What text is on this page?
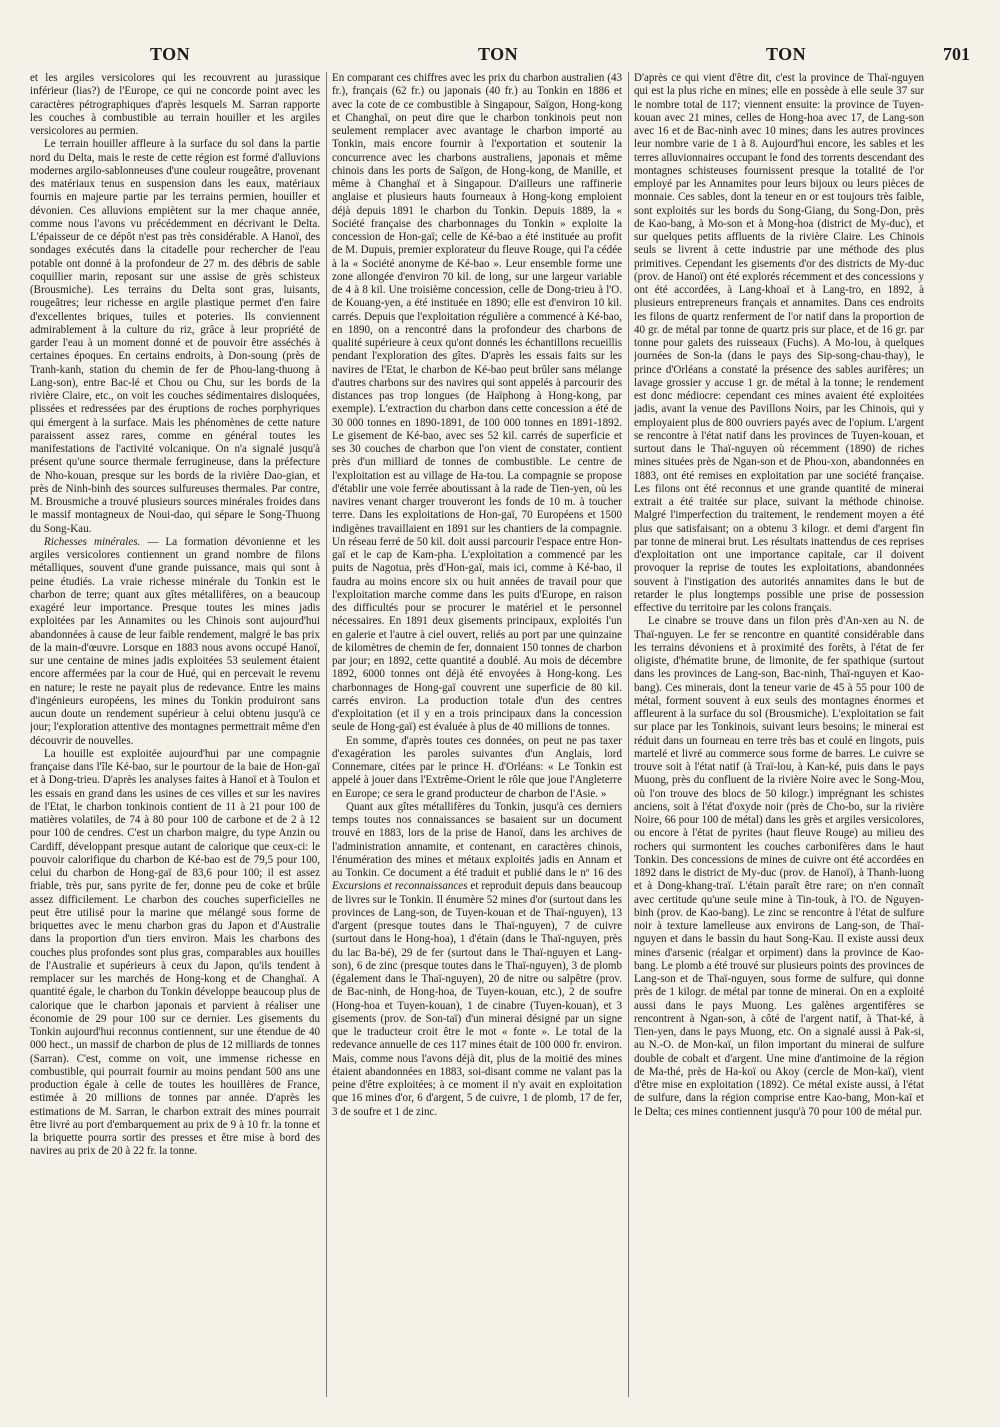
TON	TON	TON	701

et les argiles versicolores qui les recouvrent au jurassique inférieur (lias?) de l'Europe, ce qui ne concorde point avec les caractères pétrographiques d'après lesquels M. Sarran rapporte les couches à combustible au terrain houiller et les argiles versicolores au permien.

Le terrain houiller affleure à la surface du sol dans la partie nord du Delta, mais le reste de cette région est formé d'alluvions modernes argilo-sablonneuses d'une couleur rougeâtre, provenant des matériaux tenus en suspension dans les eaux, matériaux fournis en majeure partie par les terrains permien, houiller et dévonien. Ces alluvions empiètent sur la mer chaque année, comme nous l'avons vu précédemment en décrivant le Delta. L'épaisseur de ce dépôt n'est pas très considérable. A Hanoï, des sondages exécutés dans la citadelle pour rechercher de l'eau potable ont donné à la profondeur de 27 m. des débris de sable coquillier marin, reposant sur une assise de grès schisteux (Brousmiche). Les terrains du Delta sont gras, luisants, rougeâtres; leur richesse en argile plastique permet d'en faire d'excellentes briques, tuiles et poteries. Ils conviennent admirablement à la culture du riz, grâce à leur propriété de garder l'eau à un moment donné et de pouvoir être asséchés à certaines époques. En certains endroits, à Don-soung (près de Tranh-kanh, station du chemin de fer de Phou-lang-thuong à Lang-son), entre Bac-lé et Chou ou Chu, sur les bords de la rivière Claire, etc., on voit les couches sédimentaires disloquées, plissées et redressées par des éruptions de roches porphyriques qui émergent à la surface. Mais les phénomènes de cette nature paraissent assez rares, comme en général toutes les manifestations de l'activité volcanique. On n'a signalé jusqu'à présent qu'une source thermale ferrugineuse, dans la préfecture de Nho-kouan, presque sur les bords de la rivière Dao-gian, et près de Ninh-binh des sources sulfureuses thermales. Par contre, M. Brousmiche a trouvé plusieurs sources minérales froides dans le massif montagneux de Noui-dao, qui sépare le Song-Thuong du Song-Kau.

Richesses minérales. — La formation dévonienne et les argiles versicolores contiennent un grand nombre de filons métalliques, souvent d'une grande puissance, mais qui sont à peine étudiés. La vraie richesse minérale du Tonkin est le charbon de terre; quant aux gîtes métallifères, on a beaucoup exagéré leur importance. Presque toutes les mines jadis exploitées par les Annamites ou les Chinois sont aujourd'hui abandonnées à cause de leur faible rendement, malgré le bas prix de la main-d'œuvre. Lorsque en 1883 nous avons occupé Hanoï, sur une centaine de mines jadis exploitées 53 seulement étaient encore affermées par la cour de Hué, qui en percevait le revenu en nature; le reste ne payait plus de redevance. Entre les mains d'ingénieurs européens, les mines du Tonkin produiront sans aucun doute un rendement supérieur à celui obtenu jusqu'à ce jour; l'exploration attentive des montagnes permettrait même d'en découvrir de nouvelles.

La houille est exploitée aujourd'hui par une compagnie française dans l'île Ké-bao, sur le pourtour de la baie de Hon-gaï et à Dong-trieu. D'après les analyses faites à Hanoï et à Toulon et les essais en grand dans les usines de ces villes et sur les navires de l'Etat, le charbon tonkinois contient de 11 à 21 pour 100 de matières volatiles, de 74 à 80 pour 100 de carbone et de 2 à 12 pour 100 de cendres. C'est un charbon maigre, du type Anzin ou Cardiff, développant presque autant de calorique que ceux-ci: le pouvoir calorifique du charbon de Ké-bao est de 79,5 pour 100, celui du charbon de Hong-gaï de 83,6 pour 100; il est assez friable, très pur, sans pyrite de fer, donne peu de coke et brûle assez difficilement. Le charbon des couches superficielles ne peut être utilisé pour la marine que mélangé sous forme de briquettes avec le menu charbon gras du Japon et d'Australie dans la proportion d'un tiers environ. Mais les charbons des couches plus profondes sont plus gras, comparables aux houilles de l'Australie et supérieurs à ceux du Japon, qu'ils tendent à remplacer sur les marchés de Hong-kong et de Changhaï. A quantité égale, le charbon du Tonkin développe beaucoup plus de calorique que le charbon japonais et parvient à réaliser une économie de 29 pour 100 sur ce dernier. Les gisements du Tonkin aujourd'hui reconnus contiennent, sur une étendue de 40 000 hect., un massif de charbon de plus de 12 milliards de tonnes (Sarran). C'est, comme on voit, une immense richesse en combustible, qui pourrait fournir au moins pendant 500 ans une production égale à celle de toutes les houillères de France, estimée à 20 millions de tonnes par année. D'après les estimations de M. Sarran, le charbon extrait des mines pourrait être livré au port d'embarquement au prix de 9 à 10 fr. la tonne et la briquette pourra sortir des presses et être mise à bord des navires au prix de 20 à 22 fr. la tonne.

En comparant ces chiffres avec les prix du charbon australien (43 fr.), français (62 fr.) ou japonais (40 fr.) au Tonkin en 1886 et avec la cote de ce combustible à Singapour, Saïgon, Hong-kong et Changhaï, on peut dire que le charbon tonkinois peut non seulement remplacer avec avantage le charbon importé au Tonkin, mais encore fournir à l'exportation et soutenir la concurrence avec les charbons australiens, japonais et même chinois dans les ports de Saïgon, de Hong-kong, de Manille, et même à Changhaï et à Singapour. D'ailleurs une raffinerie anglaise et plusieurs hauts fourneaux à Hong-kong emploient déjà depuis 1891 le charbon du Tonkin. Depuis 1889, la « Société française des charbonnages du Tonkin » exploite la concession de Hon-gaï; celle de Ké-bao a été instituée au profit de M. Dupuis, premier explorateur du fleuve Rouge, qui l'a cédée à la « Société anonyme de Ké-bao ». Leur ensemble forme une zone allongée d'environ 70 kil. de long, sur une largeur variable de 4 à 8 kil. Une troisième concession, celle de Dong-trieu à l'O. de Kouang-yen, a été instituée en 1890; elle est d'environ 10 kil. carrés. Depuis que l'exploitation régulière a commencé à Ké-bao, en 1890, on a rencontré dans la profondeur des charbons de qualité supérieure à ceux qu'ont donnés les échantillons recueillis pendant l'exploration des gîtes. D'après les essais faits sur les navires de l'Etat, le charbon de Ké-bao peut brûler sans mélange d'autres charbons sur des navires qui sont appelés à parcourir des distances pas trop longues (de Haïphong à Hong-kong, par exemple). L'extraction du charbon dans cette concession a été de 30 000 tonnes en 1890-1891, de 100 000 tonnes en 1891-1892. Le gisement de Ké-bao, avec ses 52 kil. carrés de superficie et ses 30 couches de charbon que l'on vient de constater, contient près d'un milliard de tonnes de combustible. Le centre de l'exploitation est au village de Ha-tou. La compagnie se propose d'établir une voie ferrée aboutissant à la rade de Tien-yen, où les navires venant charger trouveront les fonds de 10 m. à toucher terre. Dans les exploitations de Hon-gaï, 70 Européens et 1500 indigènes travaillaient en 1891 sur les chantiers de la compagnie. Un réseau ferré de 50 kil. doit aussi parcourir l'espace entre Hon-gaï et le cap de Kam-pha. L'exploitation a commencé par les puits de Nagotua, près d'Hon-gaï, mais ici, comme à Ké-bao, il faudra au moins encore six ou huit années de travail pour que l'exploitation marche comme dans les puits d'Europe, en raison des difficultés pour se procurer le matériel et le personnel nécessaires. En 1891 deux gisements principaux, exploités l'un en galerie et l'autre à ciel ouvert, reliés au port par une quinzaine de kilomètres de chemin de fer, donnaient 150 tonnes de charbon par jour; en 1892, cette quantité a doublé. Au mois de décembre 1892, 6000 tonnes ont déjà été envoyées à Hong-kong. Les charbonnages de Hong-gaï couvrent une superficie de 80 kil. carrés environ. La production totale d'un des centres d'exploitation (et il y en a trois principaux dans la concession seule de Hong-gaï) est évaluée à plus de 40 millions de tonnes.

En somme, d'après toutes ces données, on peut ne pas taxer d'exagération les paroles suivantes d'un Anglais, lord Connemare, citées par le prince H. d'Orléans: « Le Tonkin est appelé à jouer dans l'Extrême-Orient le rôle que joue l'Angleterre en Europe; ce sera le grand producteur de charbon de l'Asie. »

Quant aux gîtes métallifères du Tonkin, jusqu'à ces derniers temps toutes nos connaissances se basaient sur un document trouvé en 1883, lors de la prise de Hanoï, dans les archives de l'administration annamite, et contenant, en caractères chinois, l'énumération des mines et métaux exploités jadis en Annam et au Tonkin. Ce document a été traduit et publié dans le nº 16 des Excursions et reconnaissances et reproduit depuis dans beaucoup de livres sur le Tonkin. Il énumère 52 mines d'or (surtout dans les provinces de Lang-son, de Tuyen-kouan et de Thaï-nguyen), 13 d'argent (presque toutes dans le Thaï-nguyen), 7 de cuivre (surtout dans le Hong-hoa), 1 d'étain (dans le Thaï-nguyen, près du lac Ba-bé), 29 de fer (surtout dans le Thaï-nguyen et Lang-son), 6 de zinc (presque toutes dans le Thaï-nguyen), 3 de plomb (également dans le Thaï-nguyen), 20 de nitre ou salpêtre (prov. de Bac-ninh, de Hong-hoa, de Tuyen-kouan, etc.), 2 de soufre (Hong-hoa et Tuyen-kouan), 1 de cinabre (Tuyen-kouan), et 3 gisements (prov. de Son-taï) d'un minerai désigné par un signe que le traducteur croit être le mot « fonte ». Le total de la redevance annuelle de ces 117 mines était de 100 000 fr. environ. Mais, comme nous l'avons déjà dit, plus de la moitié des mines étaient abandonnées en 1883, soi-disant comme ne valant pas la peine d'être exploitées; à ce moment il n'y avait en exploitation que 16 mines d'or, 6 d'argent, 5 de cuivre, 1 de plomb, 17 de fer, 3 de soufre et 1 de zinc.

D'après ce qui vient d'être dit, c'est la province de Thaï-nguyen qui est la plus riche en mines; elle en possède à elle seule 37 sur le nombre total de 117; viennent ensuite: la province de Tuyen-kouan avec 21 mines, celles de Hong-hoa avec 17, de Lang-son avec 16 et de Bac-ninh avec 10 mines; dans les autres provinces leur nombre varie de 1 à 8. Aujourd'hui encore, les sables et les terres alluvionnaires occupant le fond des torrents descendant des montagnes schisteuses fournissent presque la totalité de l'or employé par les Annamites pour leurs bijoux ou leurs pièces de monnaie. Ces sables, dont la teneur en or est toujours très faible, sont exploités sur les bords du Song-Giang, du Song-Don, près de Kao-bang, à Mo-son et à Mong-hoa (district de My-duc), et sur quelques petits affluents de la rivière Claire. Les Chinois seuls se livrent à cette industrie par une méthode des plus primitives. Cependant les gisements d'or des districts de My-duc (prov. de Hanoï) ont été explorés récemment et des concessions y ont été accordées, à Lang-khoaï et à Lang-tro, en 1892, à plusieurs entrepreneurs français et annamites. Dans ces endroits les filons de quartz renferment de l'or natif dans la proportion de 40 gr. de métal par tonne de quartz pris sur place, et de 16 gr. par tonne pour galets des ruisseaux (Fuchs). A Mo-lou, à quelques journées de Son-la (dans le pays des Sip-song-chau-thay), le prince d'Orléans a constaté la présence des sables aurifères; un lavage grossier y accuse 1 gr. de métal à la tonne; le rendement est donc médiocre: cependant ces mines avaient été exploitées jadis, avant la venue des Pavillons Noirs, par les Chinois, qui y employaient plus de 800 ouvriers payés avec de l'opium. L'argent se rencontre à l'état natif dans les provinces de Tuyen-kouan, et surtout dans le Thaï-nguyen où récemment (1890) de riches mines situées près de Ngan-son et de Phou-xon, abandonnées en 1883, ont été remises en exploitation par une société française. Les filons ont été reconnus et une grande quantité de minerai extrait a été traitée sur place, suivant la méthode chinoise. Malgré l'imperfection du traitement, le rendement moyen a été plus que satisfaisant; on a obtenu 3 kilogr. et demi d'argent fin par tonne de minerai brut. Les résultats inattendus de ces reprises d'exploitation ont une importance capitale, car il doivent provoquer la reprise de toutes les exploitations, abandonnées souvent à l'instigation des autorités annamites dans le but de retarder le plus longtemps possible une prise de possession effective du territoire par les colons français.

Le cinabre se trouve dans un filon près d'An-xen au N. de Thaï-nguyen. Le fer se rencontre en quantité considérable dans les terrains dévoniens et à proximité des forêts, à l'état de fer oligiste, d'hématite brune, de limonite, de fer spathique (surtout dans les provinces de Lang-son, Bac-ninh, Thaï-nguyen et Kao-bang). Ces minerais, dont la teneur varie de 45 à 55 pour 100 de métal, forment souvent à eux seuls des montagnes énormes et affleurent à la surface du sol (Brousmiche). L'exploitation se fait sur place par les Tonkinois, suivant leurs besoins; le minerai est réduit dans un fourneau en terre très bas et coulé en lingots, puis martelé et livré au commerce sous forme de barres. Le cuivre se trouve soit à l'état natif (à Traï-lou, à Kan-ké, puis dans le pays Muong, près du confluent de la rivière Noire avec le Song-Mou, où l'on trouve des blocs de 50 kilogr.) imprégnant les schistes anciens, soit à l'état d'oxyde noir (près de Cho-bo, sur la rivière Noire, 66 pour 100 de métal) dans les grès et argiles versicolores, ou encore à l'état de pyrites (haut fleuve Rouge) au milieu des rochers qui surmontent les couches carbonifères dans le haut Tonkin. Des concessions de mines de cuivre ont été accordées en 1892 dans le district de My-duc (prov. de Hanoï), à Thanh-luong et à Dong-khang-traï. L'étain paraît être rare; on n'en connaît avec certitude qu'une seule mine à Tin-touk, à l'O. de Nguyen-binh (prov. de Kao-bang). Le zinc se rencontre à l'état de sulfure noir à texture lamelleuse aux environs de Lang-son, de Thaï-nguyen et dans le bassin du haut Song-Kau. Il existe aussi deux mines d'arsenic (réalgar et orpiment) dans la province de Kao-bang. Le plomb a été trouvé sur plusieurs points des provinces de Lang-son et de Thaï-nguyen, sous forme de sulfure, qui donne près de 1 kilogr. de métal par tonne de minerai. On en a exploité aussi dans le pays Muong. Les galènes argentifères se rencontrent à Ngan-son, à côté de l'argent natif, à That-ké, à Tien-yen, dans le pays Muong, etc. On a signalé aussi à Pak-si, au N.-O. de Mon-kaï, un filon important du minerai de sulfure double de cobalt et d'argent. Une mine d'antimoine de la région de Ma-thé, près de Ha-koï ou Akoy (cercle de Mon-kaï), vient d'être mise en exploitation (1892). Ce métal existe aussi, à l'état de sulfure, dans la région comprise entre Kao-bang, Mon-kaï et le Delta; ces mines contiennent jusqu'à 70 pour 100 de métal pur.
